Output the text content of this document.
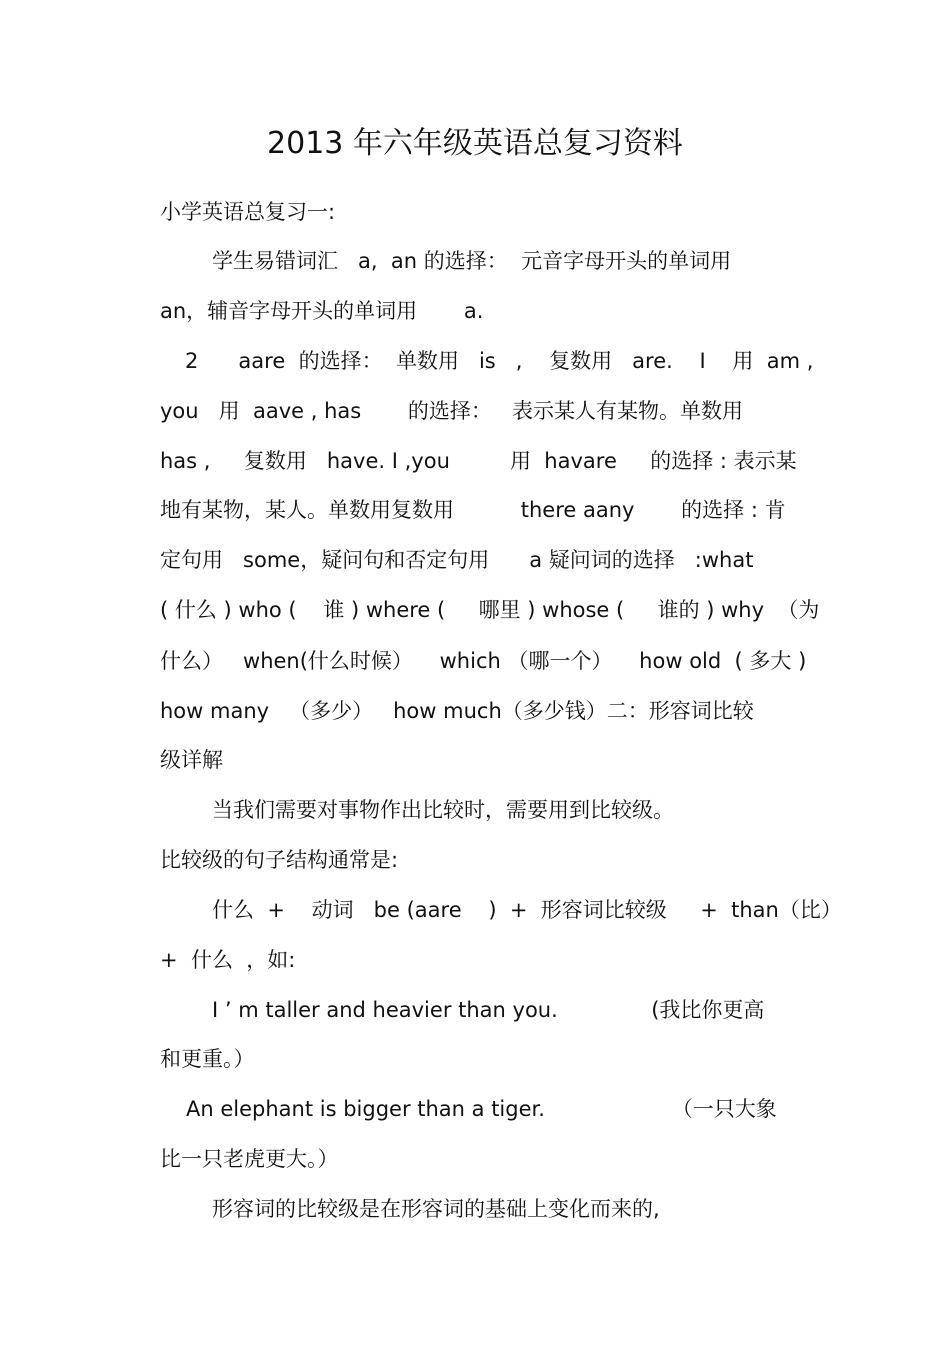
2013 年六年级英语总复习资料
小学英语总复习一:
学生易错词汇   a,  an 的选择：  元音字母开头的单词用
an，辅音字母开头的单词用       a.
2      aare  的选择：  单数用   is   ,    复数用   are.    I    用  am ,
you   用  aave , has       的选择：   表示某人有某物。单数用
has ,     复数用   have. I ,you         用  havare     的选择 : 表示某
地有某物，某人。单数用复数用          there aany       的选择 : 肯
定句用   some，疑问句和否定句用      a 疑问词的选择   :what
( 什么 ) who (    谁 ) where (     哪里 ) whose (     谁的 ) why  （为
什么）   when(什么时候）    which （哪一个）    how old  ( 多大 )
how many   （多少）   how much（多少钱）二：形容词比较
级详解
当我们需要对事物作出比较时，需要用到比较级。
比较级的句子结构通常是:
什么  +    动词   be (aare    )  +  形容词比较级     +  than（比）
+  什么  ，如:
I ’ m taller and heavier than you.              (我比你更高
和更重。）
An elephant is bigger than a tiger.                   （一只大象
比一只老虎更大。）
形容词的比较级是在形容词的基础上变化而来的,
